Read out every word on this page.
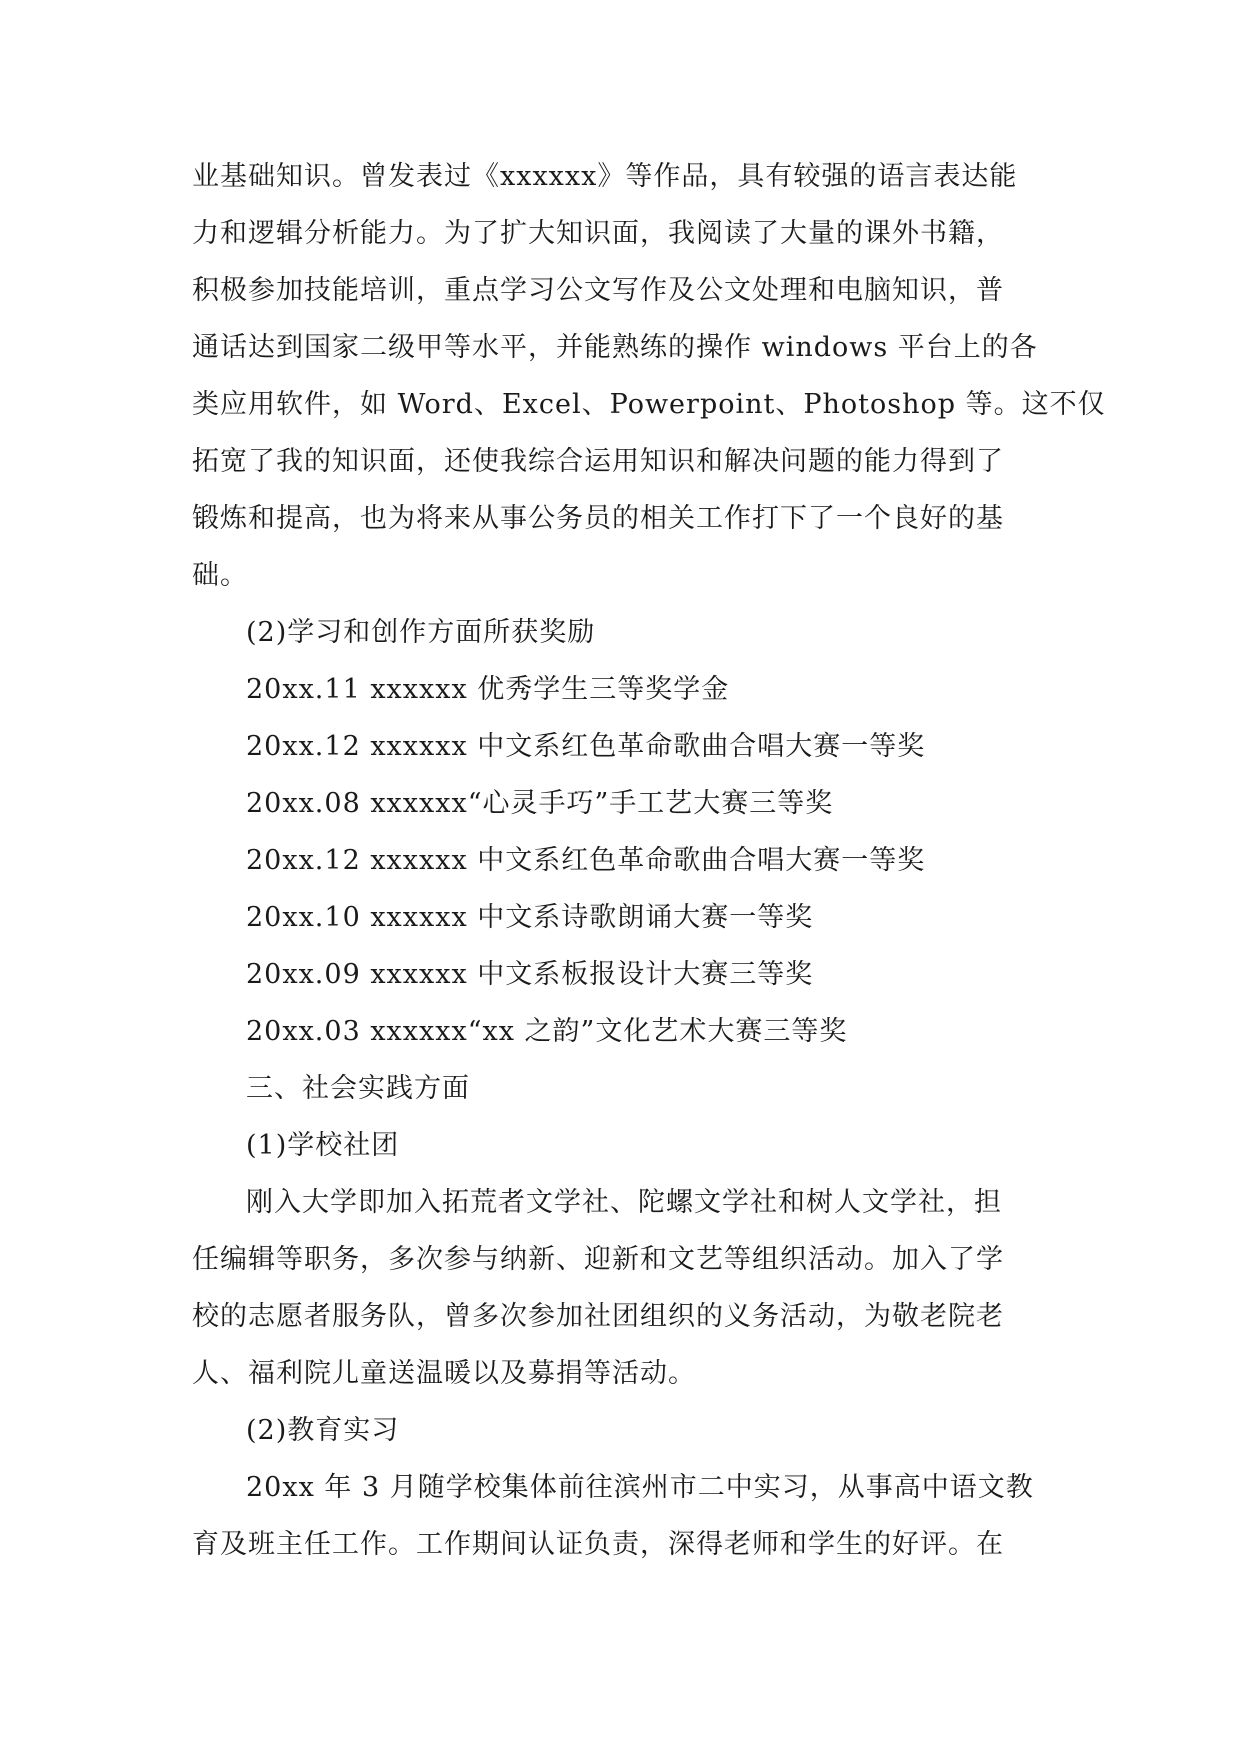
业基础知识。曾发表过《xxxxxx》等作品，具有较强的语言表达能
力和逻辑分析能力。为了扩大知识面，我阅读了大量的课外书籍，
积极参加技能培训，重点学习公文写作及公文处理和电脑知识，普
通话达到国家二级甲等水平，并能熟练的操作 windows 平台上的各
类应用软件，如 Word、Excel、Powerpoint、Photoshop 等。这不仅
拓宽了我的知识面，还使我综合运用知识和解决问题的能力得到了
锻炼和提高，也为将来从事公务员的相关工作打下了一个良好的基
础。
(2)学习和创作方面所获奖励
20xx.11 xxxxxx 优秀学生三等奖学金
20xx.12 xxxxxx 中文系红色革命歌曲合唱大赛一等奖
20xx.08 xxxxxx“心灵手巧”手工艺大赛三等奖
20xx.12 xxxxxx 中文系红色革命歌曲合唱大赛一等奖
20xx.10 xxxxxx 中文系诗歌朗诵大赛一等奖
20xx.09 xxxxxx 中文系板报设计大赛三等奖
20xx.03 xxxxxx“xx 之韵”文化艺术大赛三等奖
三、社会实践方面
(1)学校社团
刚入大学即加入拓荒者文学社、陀螺文学社和树人文学社，担
任编辑等职务，多次参与纳新、迎新和文艺等组织活动。加入了学
校的志愿者服务队，曾多次参加社团组织的义务活动，为敬老院老
人、福利院儿童送温暖以及募捐等活动。
(2)教育实习
20xx 年 3 月随学校集体前往滨州市二中实习，从事高中语文教
育及班主任工作。工作期间认证负责，深得老师和学生的好评。在
